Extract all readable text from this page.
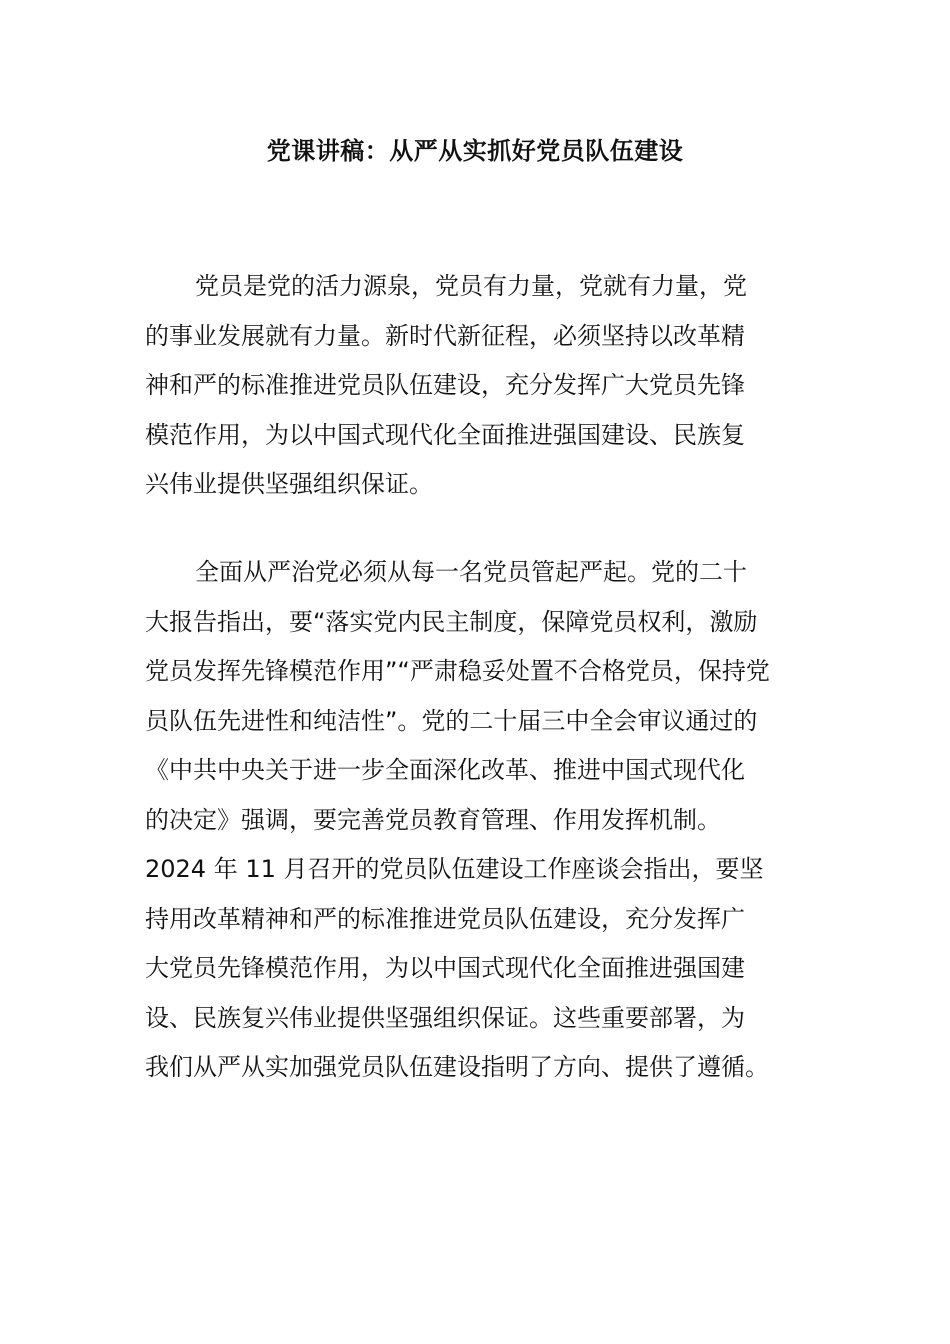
党课讲稿：从严从实抓好党员队伍建设
党员是党的活力源泉，党员有力量，党就有力量，党
的事业发展就有力量。新时代新征程，必须坚持以改革精
神和严的标准推进党员队伍建设，充分发挥广大党员先锋
模范作用，为以中国式现代化全面推进强国建设、民族复
兴伟业提供坚强组织保证。
全面从严治党必须从每一名党员管起严起。党的二十
大报告指出，要“落实党内民主制度，保障党员权利，激励
党员发挥先锋模范作用”“严肃稳妥处置不合格党员，保持党
员队伍先进性和纯洁性”。党的二十届三中全会审议通过的
《中共中央关于进一步全面深化改革、推进中国式现代化
的决定》强调，要完善党员教育管理、作用发挥机制。
2024 年 11 月召开的党员队伍建设工作座谈会指出，要坚
持用改革精神和严的标准推进党员队伍建设，充分发挥广
大党员先锋模范作用，为以中国式现代化全面推进强国建
设、民族复兴伟业提供坚强组织保证。这些重要部署，为
我们从严从实加强党员队伍建设指明了方向、提供了遵循。
